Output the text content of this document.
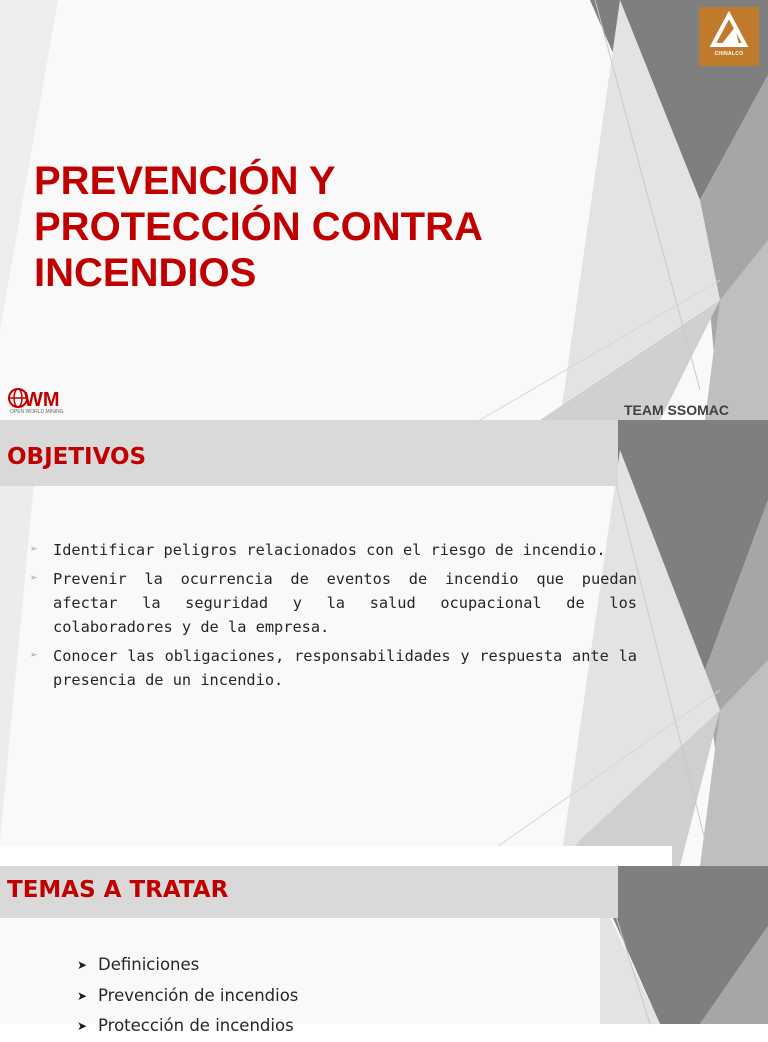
CHINALCO
PREVENCIÓN Y
PROTECCIÓN CONTRA
INCENDIOS
WM
OPEN WORLD MINING	TEAM SSOMAC
OBJETIVOS
➢ Identificar peligros relacionados con el riesgo de incendio.
➢ Prevenir la ocurrencia de eventos de incendio que puedan afectar la seguridad y la salud ocupacional de los colaboradores y de la empresa.
➢ Conocer las obligaciones, responsabilidades y respuesta ante la presencia de un incendio.
TEMAS A TRATAR
➤ Definiciones
➤ Prevención de incendios
➤ Protección de incendios
